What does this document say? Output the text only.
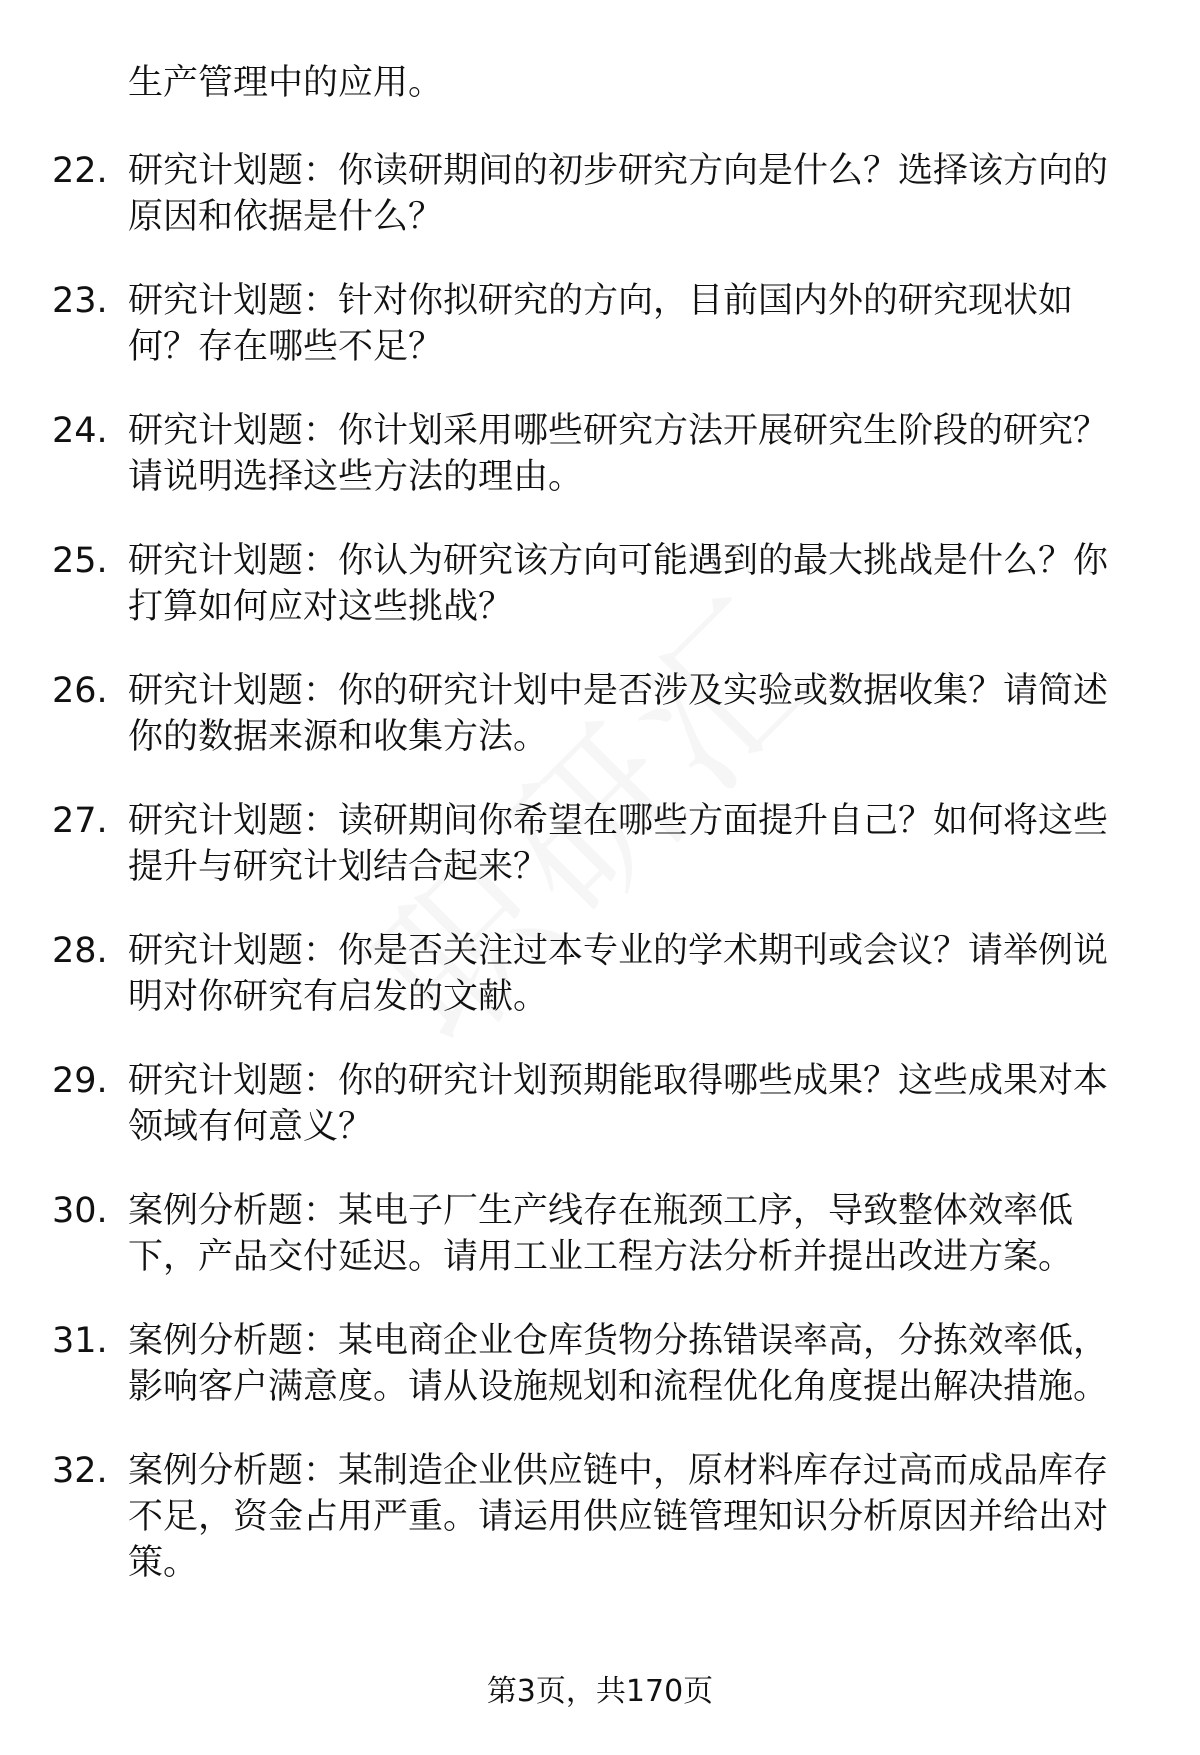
生产管理中的应用。
22. 研究计划题：你读研期间的初步研究方向是什么？选择该方向的
原因和依据是什么？
23. 研究计划题：针对你拟研究的方向，目前国内外的研究现状如
何？存在哪些不足？
24. 研究计划题：你计划采用哪些研究方法开展研究生阶段的研究？
请说明选择这些方法的理由。
25. 研究计划题：你认为研究该方向可能遇到的最大挑战是什么？你
打算如何应对这些挑战？
26. 研究计划题：你的研究计划中是否涉及实验或数据收集？请简述
你的数据来源和收集方法。
27. 研究计划题：读研期间你希望在哪些方面提升自己？如何将这些
提升与研究计划结合起来？
28. 研究计划题：你是否关注过本专业的学术期刊或会议？请举例说
明对你研究有启发的文献。
29. 研究计划题：你的研究计划预期能取得哪些成果？这些成果对本
领域有何意义？
30. 案例分析题：某电子厂生产线存在瓶颈工序，导致整体效率低
下，产品交付延迟。请用工业工程方法分析并提出改进方案。
31. 案例分析题：某电商企业仓库货物分拣错误率高，分拣效率低，
影响客户满意度。请从设施规划和流程优化角度提出解决措施。
32. 案例分析题：某制造企业供应链中，原材料库存过高而成品库存
不足，资金占用严重。请运用供应链管理知识分析原因并给出对
策。
第3页，共170页
